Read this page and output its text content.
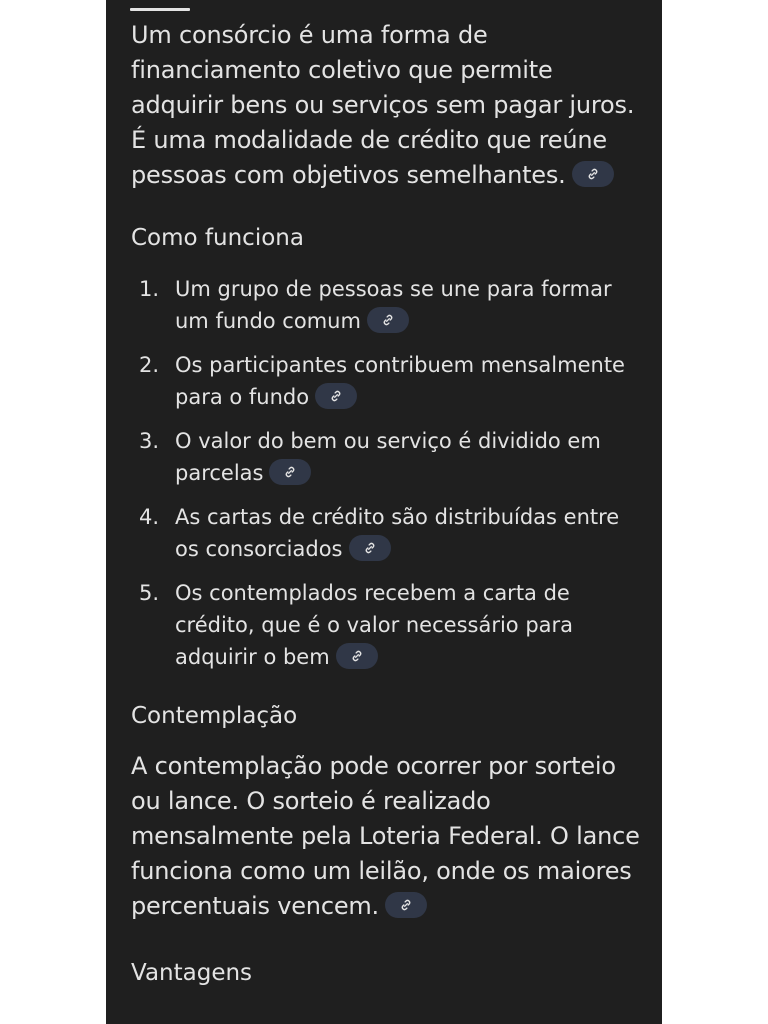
Um consórcio é uma forma de financiamento coletivo que permite adquirir bens ou serviços sem pagar juros. É uma modalidade de crédito que reúne pessoas com objetivos semelhantes.

Como funciona
1. Um grupo de pessoas se une para formar um fundo comum
2. Os participantes contribuem mensalmente para o fundo
3. O valor do bem ou serviço é dividido em parcelas
4. As cartas de crédito são distribuídas entre os consorciados
5. Os contemplados recebem a carta de crédito, que é o valor necessário para adquirir o bem
Contemplação

A contemplação pode ocorrer por sorteio ou lance. O sorteio é realizado mensalmente pela Loteria Federal. O lance funciona como um leilão, onde os maiores percentuais vencem.

Vantagens
